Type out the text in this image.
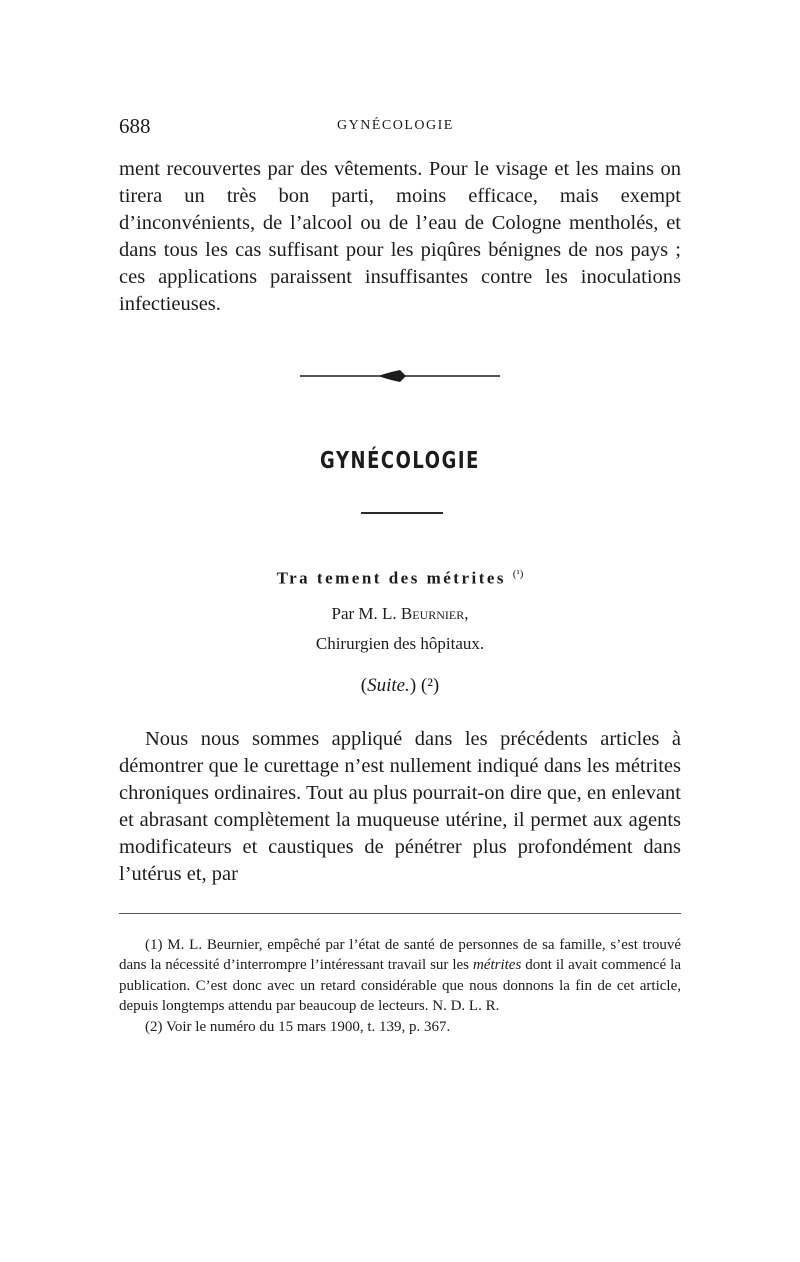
688	GYNÉCOLOGIE
ment recouvertes par des vêtements. Pour le visage et les mains on tirera un très bon parti, moins efficace, mais exempt d’inconvénients, de l’alcool ou de l’eau de Cologne mentholés, et dans tous les cas suffisant pour les piqûres bénignes de nos pays ; ces applications paraissent insuffisantes contre les inoculations infectieuses.
GYNÉCOLOGIE
Tra tement des métrites $^{(^1)}$
Par M. L. Beurnier,
Chirurgien des hôpitaux.
(Suite.) (²)
Nous nous sommes appliqué dans les précédents articles à démontrer que le curettage n’est nullement indiqué dans les métrites chroniques ordinaires. Tout au plus pourrait-on dire que, en enlevant et abrasant complètement la muqueuse utérine, il permet aux agents modificateurs et caustiques de pénétrer plus profondément dans l’utérus et, par

(1) M. L. Beurnier, empêché par l’état de santé de personnes de sa famille, s’est trouvé dans la nécessité d’interrompre l’intéressant travail sur les métrites dont il avait commencé la publication. C’est donc avec un retard considérable que nous donnons la fin de cet article, depuis longtemps attendu par beaucoup de lecteurs. N. D. L. R.

(2) Voir le numéro du 15 mars 1900, t. 139, p. 367.
